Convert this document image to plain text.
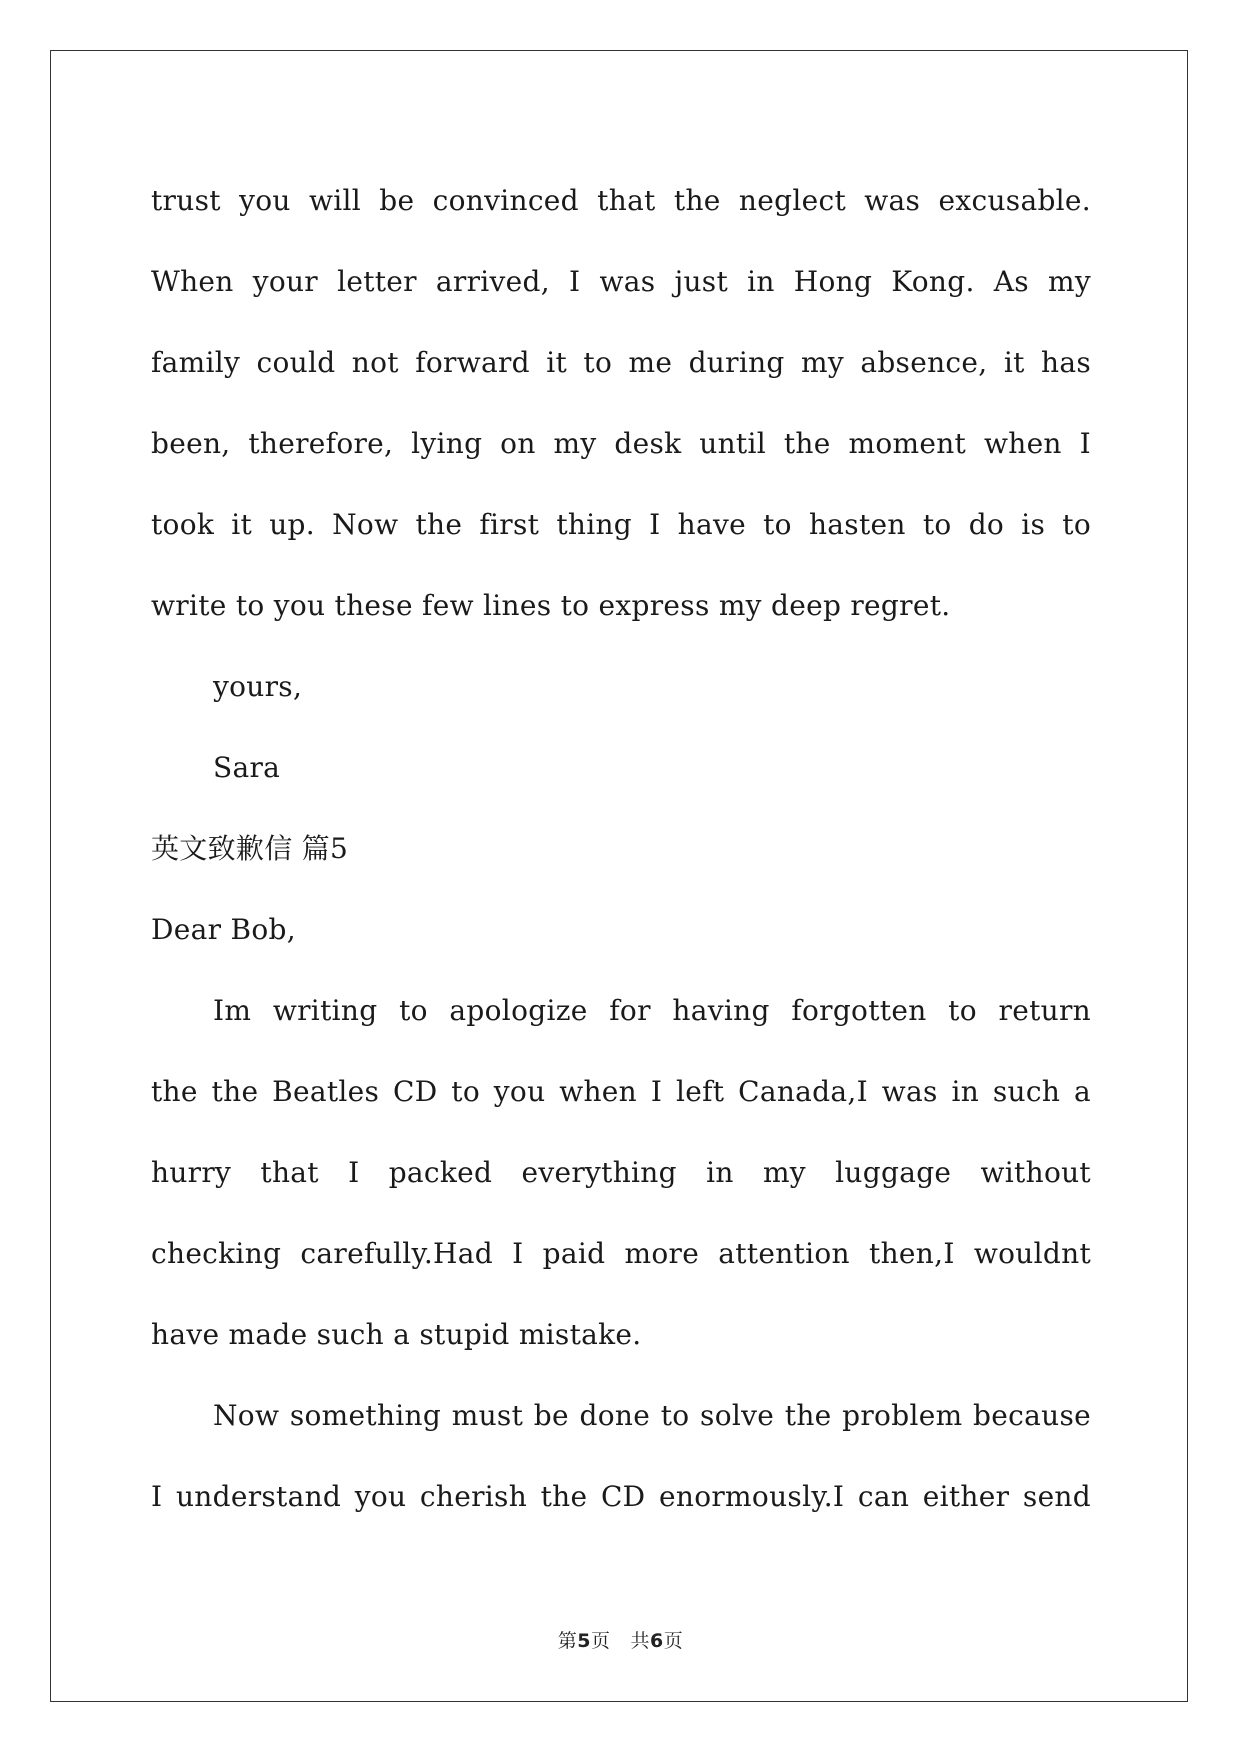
trust you will be convinced that the neglect was excusable.
When your letter arrived, I was just in Hong Kong. As my
family could not forward it to me during my absence, it has
been, therefore, lying on my desk until the moment when I
took it up. Now the first thing I have to hasten to do is to
write to you these few lines to express my deep regret.
yours,
Sara
英文致歉信 篇5
Dear Bob,
Im writing to apologize for having forgotten to return
the the Beatles CD to you when I left Canada,I was in such a
hurry that I packed everything in my luggage without
checking carefully.Had I paid more attention then,I wouldnt
have made such a stupid mistake.
Now something must be done to solve the problem because
I understand you cherish the CD enormously.I can either send
第5页 共6页
